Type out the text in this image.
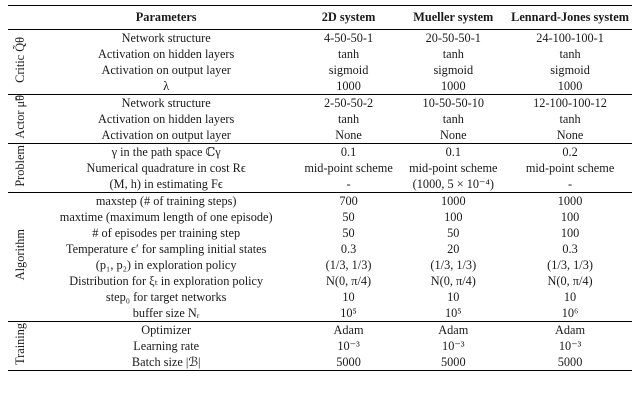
	Parameters	2D system	Mueller system	Lennard-Jones system
Critic Q̃θ	Network structure	4-50-50-1	20-50-50-1	24-100-100-1
	Activation on hidden layers	tanh	tanh	tanh
	Activation on output layer	sigmoid	sigmoid	sigmoid
	λ	1000	1000	1000
Actor μ̃θ	Network structure	2-50-50-2	10-50-50-10	12-100-100-12
	Activation on hidden layers	tanh	tanh	tanh
	Activation on output layer	None	None	None
Problem	γ in the path space ℂγ	0.1	0.1	0.2
	Numerical quadrature in cost Rϵ	mid-point scheme	mid-point scheme	mid-point scheme
	(M, h) in estimating Fϵ	-	(1000, 5 × 10⁻⁴)	-
Algorithm	maxstep (# of training steps)	700	1000	1000
	maxtime (maximum length of one episode)	50	100	100
	# of episodes per training step	50	50	100
	Temperature ϵ′ for sampling initial states	0.3	20	0.3
	(p₁, p₂) in exploration policy	(1/3, 1/3)	(1/3, 1/3)	(1/3, 1/3)
	Distribution for ξₜ in exploration policy	N(0, π/4)	N(0, π/4)	N(0, π/4)
	step₀ for target networks	10	10	10
	buffer size Nᵣ	10⁵	10⁵	10⁶
Training	Optimizer	Adam	Adam	Adam
	Learning rate	10⁻³	10⁻³	10⁻³
	Batch size |ℬ|	5000	5000	5000
